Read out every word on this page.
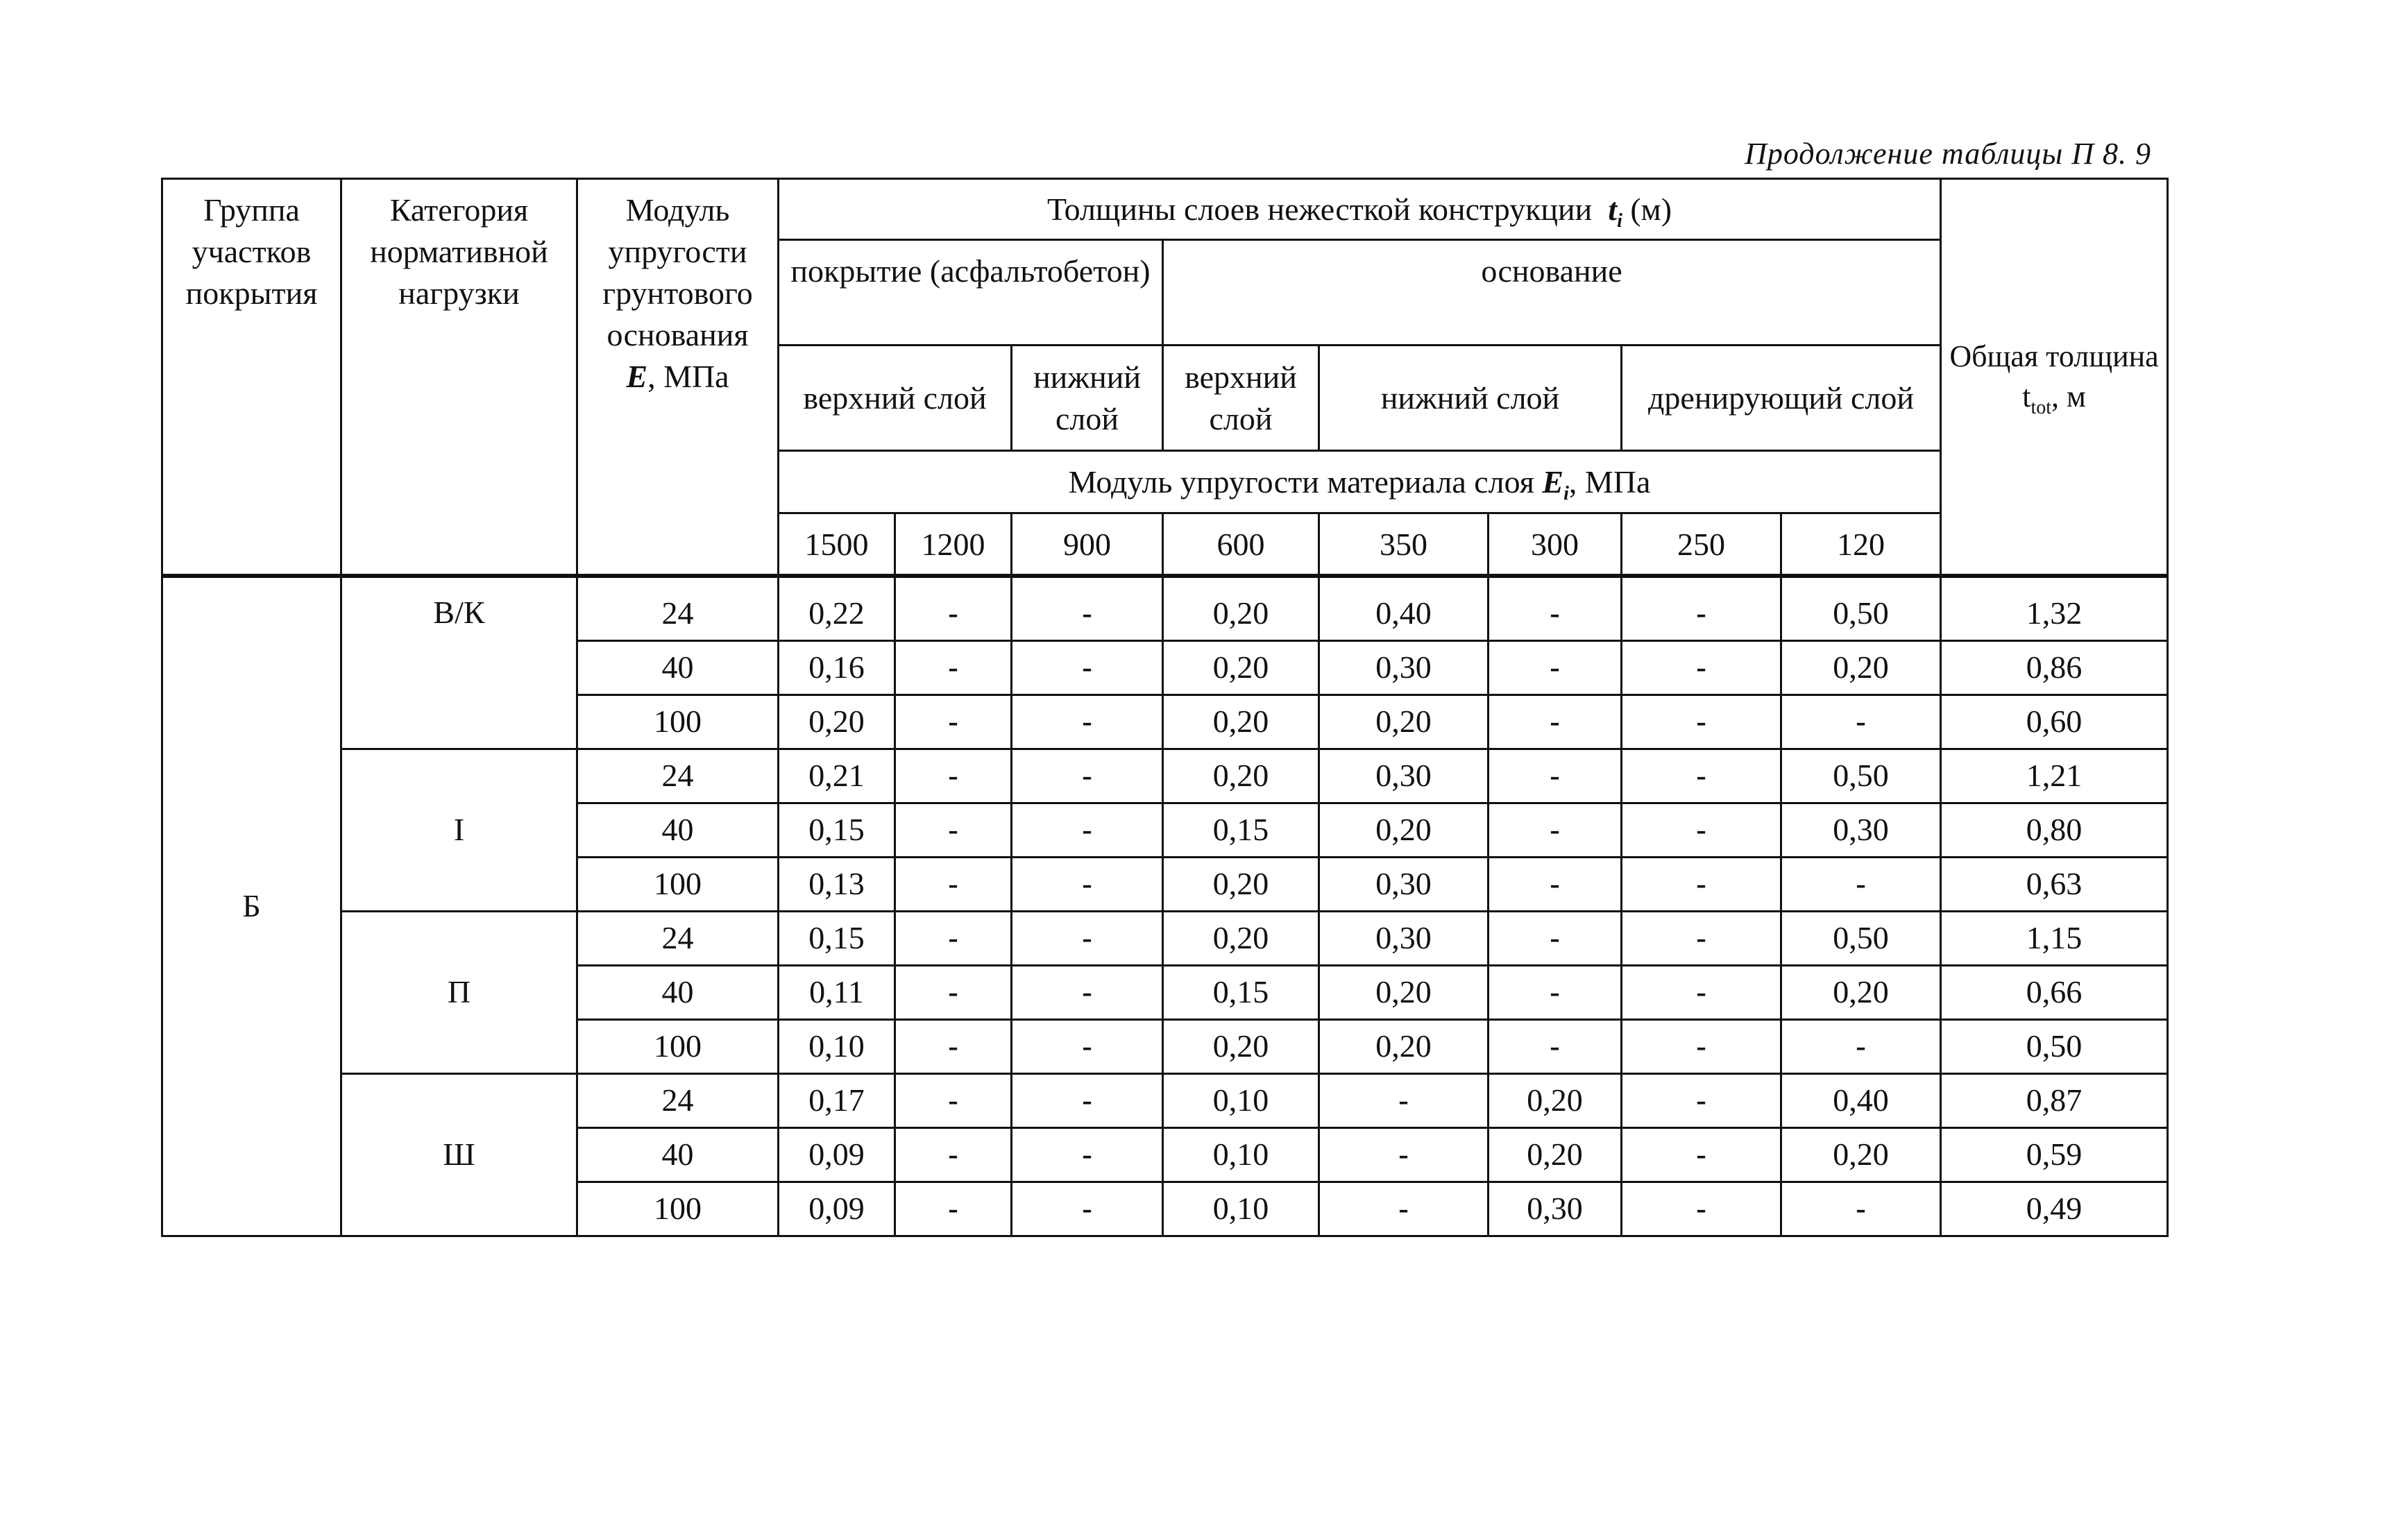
Продолжение таблицы П 8. 9
Группа участков покрытия	Категория нормативной нагрузки	Модуль упругости грунтового основания
E, МПа	Толщины слоев нежесткой конструкции $t_i$ (м)								Общая толщина $t_{tot}$, м
			покрытие (асфальтобетон)			основание					
			верхний слой		нижний слой	верхний слой	нижний слой		дренирующий слой		
			Модуль упругости материала слоя $E_i$, МПа								
			1500	1200	900	600	350	300	250	120	

Б	В/К	24	0,22	-	-	0,20	0,40	-	-	0,50	1,32
		40	0,16	-	-	0,20	0,30	-	-	0,20	0,86
		100	0,20	-	-	0,20	0,20	-	-	-	0,60
	I	24	0,21	-	-	0,20	0,30	-	-	0,50	1,21
		40	0,15	-	-	0,15	0,20	-	-	0,30	0,80
		100	0,13	-	-	0,20	0,30	-	-	-	0,63
	П	24	0,15	-	-	0,20	0,30	-	-	0,50	1,15
		40	0,11	-	-	0,15	0,20	-	-	0,20	0,66
		100	0,10	-	-	0,20	0,20	-	-	-	0,50
	Ш	24	0,17	-	-	0,10	-	0,20	-	0,40	0,87
		40	0,09	-	-	0,10	-	0,20	-	0,20	0,59
		100	0,09	-	-	0,10	-	0,30	-	-	0,49
